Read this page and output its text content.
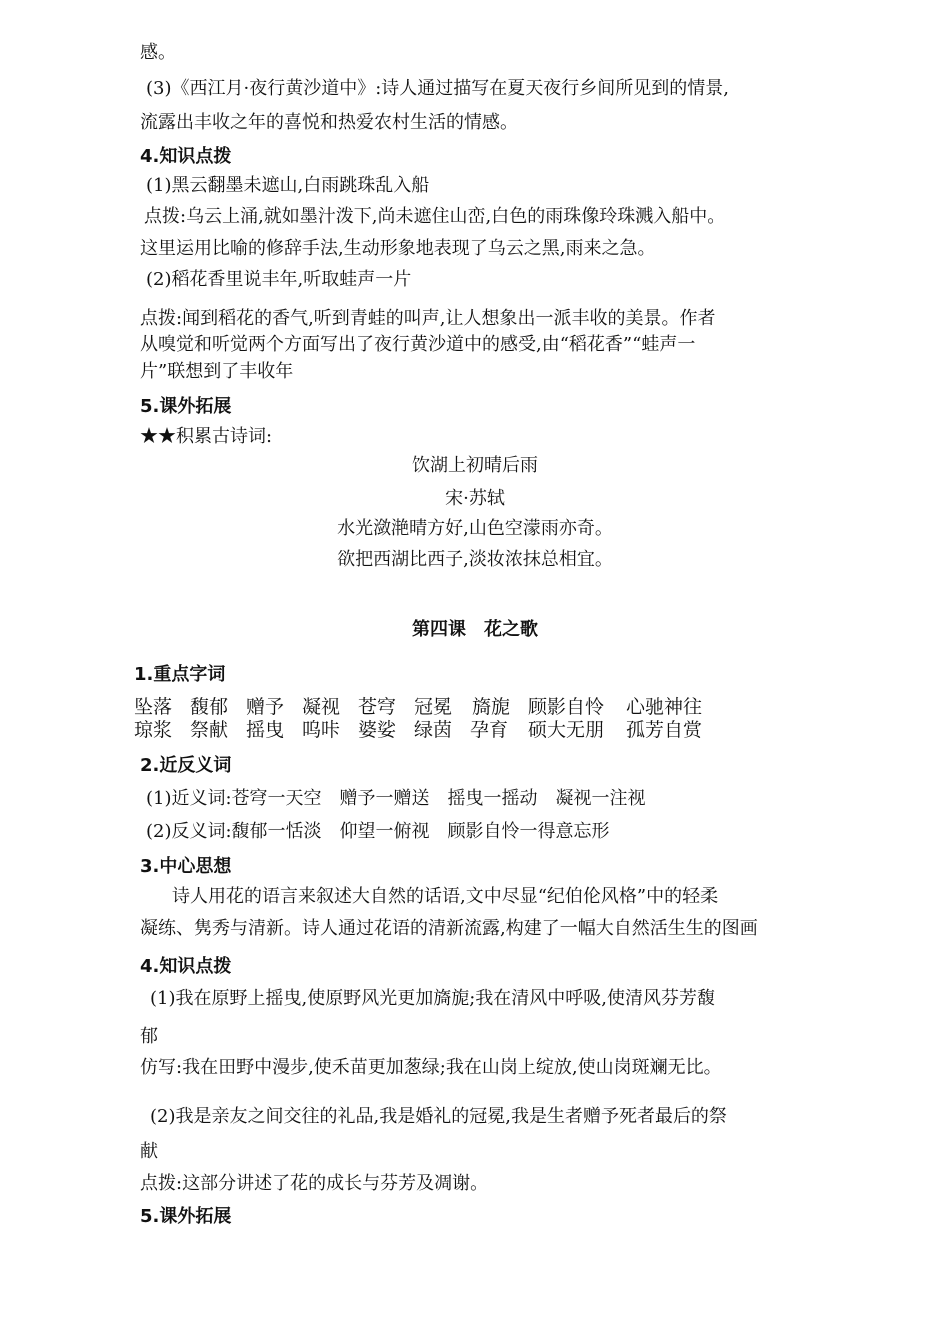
感。
(3)《西江月·夜行黄沙道中》:诗人通过描写在夏天夜行乡间所见到的情景,
流露出丰收之年的喜悦和热爱农村生活的情感。
4.知识点拨
(1)黑云翻墨未遮山,白雨跳珠乱入船
点拨:乌云上涌,就如墨汁泼下,尚未遮住山峦,白色的雨珠像玲珠溅入船中。
这里运用比喻的修辞手法,生动形象地表现了乌云之黑,雨来之急。
(2)稻花香里说丰年,听取蛙声一片
点拨:闻到稻花的香气,听到青蛙的叫声,让人想象出一派丰收的美景。作者
从嗅觉和听觉两个方面写出了夜行黄沙道中的感受,由“稻花香”“蛙声一
片”联想到了丰收年
5.课外拓展
★★积累古诗词:
饮湖上初晴后雨
宋·苏轼
水光潋滟晴方好,山色空濛雨亦奇。
欲把西湖比西子,淡妆浓抹总相宜。
第四课　花之歌
1.重点字词
坠落 馥郁 赠予 凝视 苍穹 冠冕 旖旎 顾影自怜 心驰神往
琼浆 祭献 摇曳 呜咔 婆娑 绿茵 孕育 硕大无朋 孤芳自赏
2.近反义词
(1)近义词:苍穹一天空　赠予一赠送　摇曳一摇动　凝视一注视
(2)反义词:馥郁一恬淡　仰望一俯视　顾影自怜一得意忘形
3.中心思想
诗人用花的语言来叙述大自然的话语,文中尽显“纪伯伦风格”中的轻柔
凝练、隽秀与清新。诗人通过花语的清新流露,构建了一幅大自然活生生的图画
4.知识点拨
(1)我在原野上摇曳,使原野风光更加旖旎;我在清风中呼吸,使清风芬芳馥
郁
仿写:我在田野中漫步,使禾苗更加葱绿;我在山岗上绽放,使山岗斑斓无比。
(2)我是亲友之间交往的礼品,我是婚礼的冠冕,我是生者赠予死者最后的祭
献
点拨:这部分讲述了花的成长与芬芳及凋谢。
5.课外拓展
